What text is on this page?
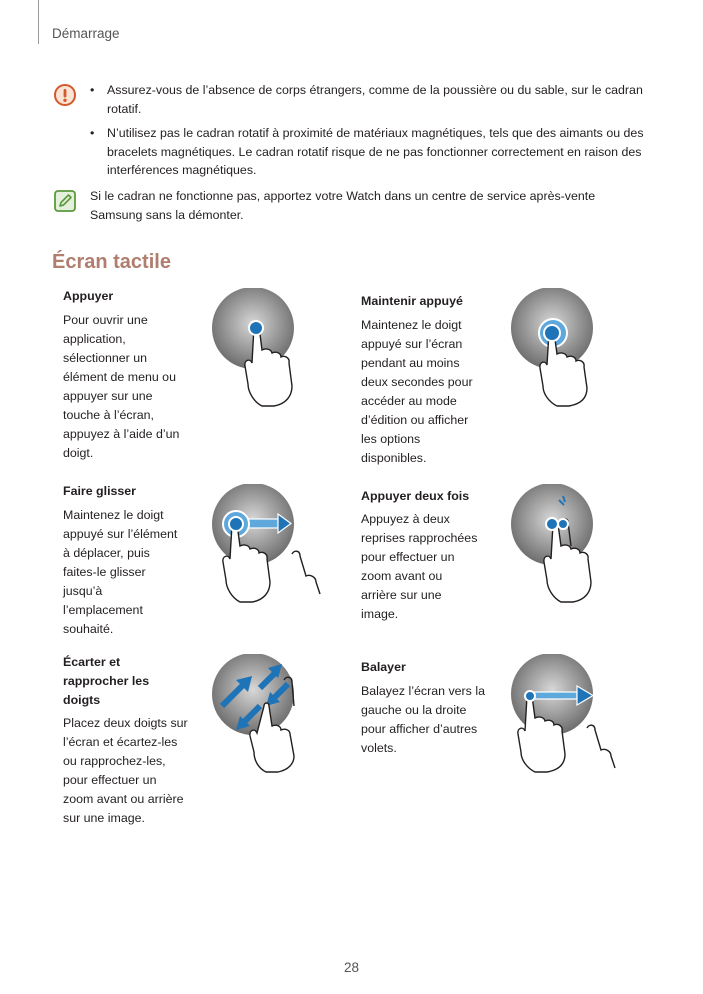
Démarrage
• Assurez-vous de l’absence de corps étrangers, comme de la poussière ou du sable, sur le cadran rotatif.
• N’utilisez pas le cadran rotatif à proximité de matériaux magnétiques, tels que des aimants ou des bracelets magnétiques. Le cadran rotatif risque de ne pas fonctionner correctement en raison des interférences magnétiques.

Si le cadran ne fonctionne pas, apportez votre Watch dans un centre de service après-vente Samsung sans la démonter.

Écran tactile
Appuyer
Pour ouvrir une application, sélectionner un élément de menu ou appuyer sur une touche à l’écran, appuyez à l’aide d’un doigt.
Maintenir appuyé
Maintenez le doigt appuyé sur l’écran pendant au moins deux secondes pour accéder au mode d’édition ou afficher les options disponibles.
Faire glisser
Maintenez le doigt appuyé sur l’élément à déplacer, puis faites-le glisser jusqu’à l’emplacement souhaité.
Appuyer deux fois
Appuyez à deux reprises rapprochées pour effectuer un zoom avant ou arrière sur une image.
Écarter et rapprocher les doigts
Placez deux doigts sur l’écran et écartez-les ou rapprochez-les, pour effectuer un zoom avant ou arrière sur une image.
Balayer
Balayez l’écran vers la gauche ou la droite pour afficher d’autres volets.
28
